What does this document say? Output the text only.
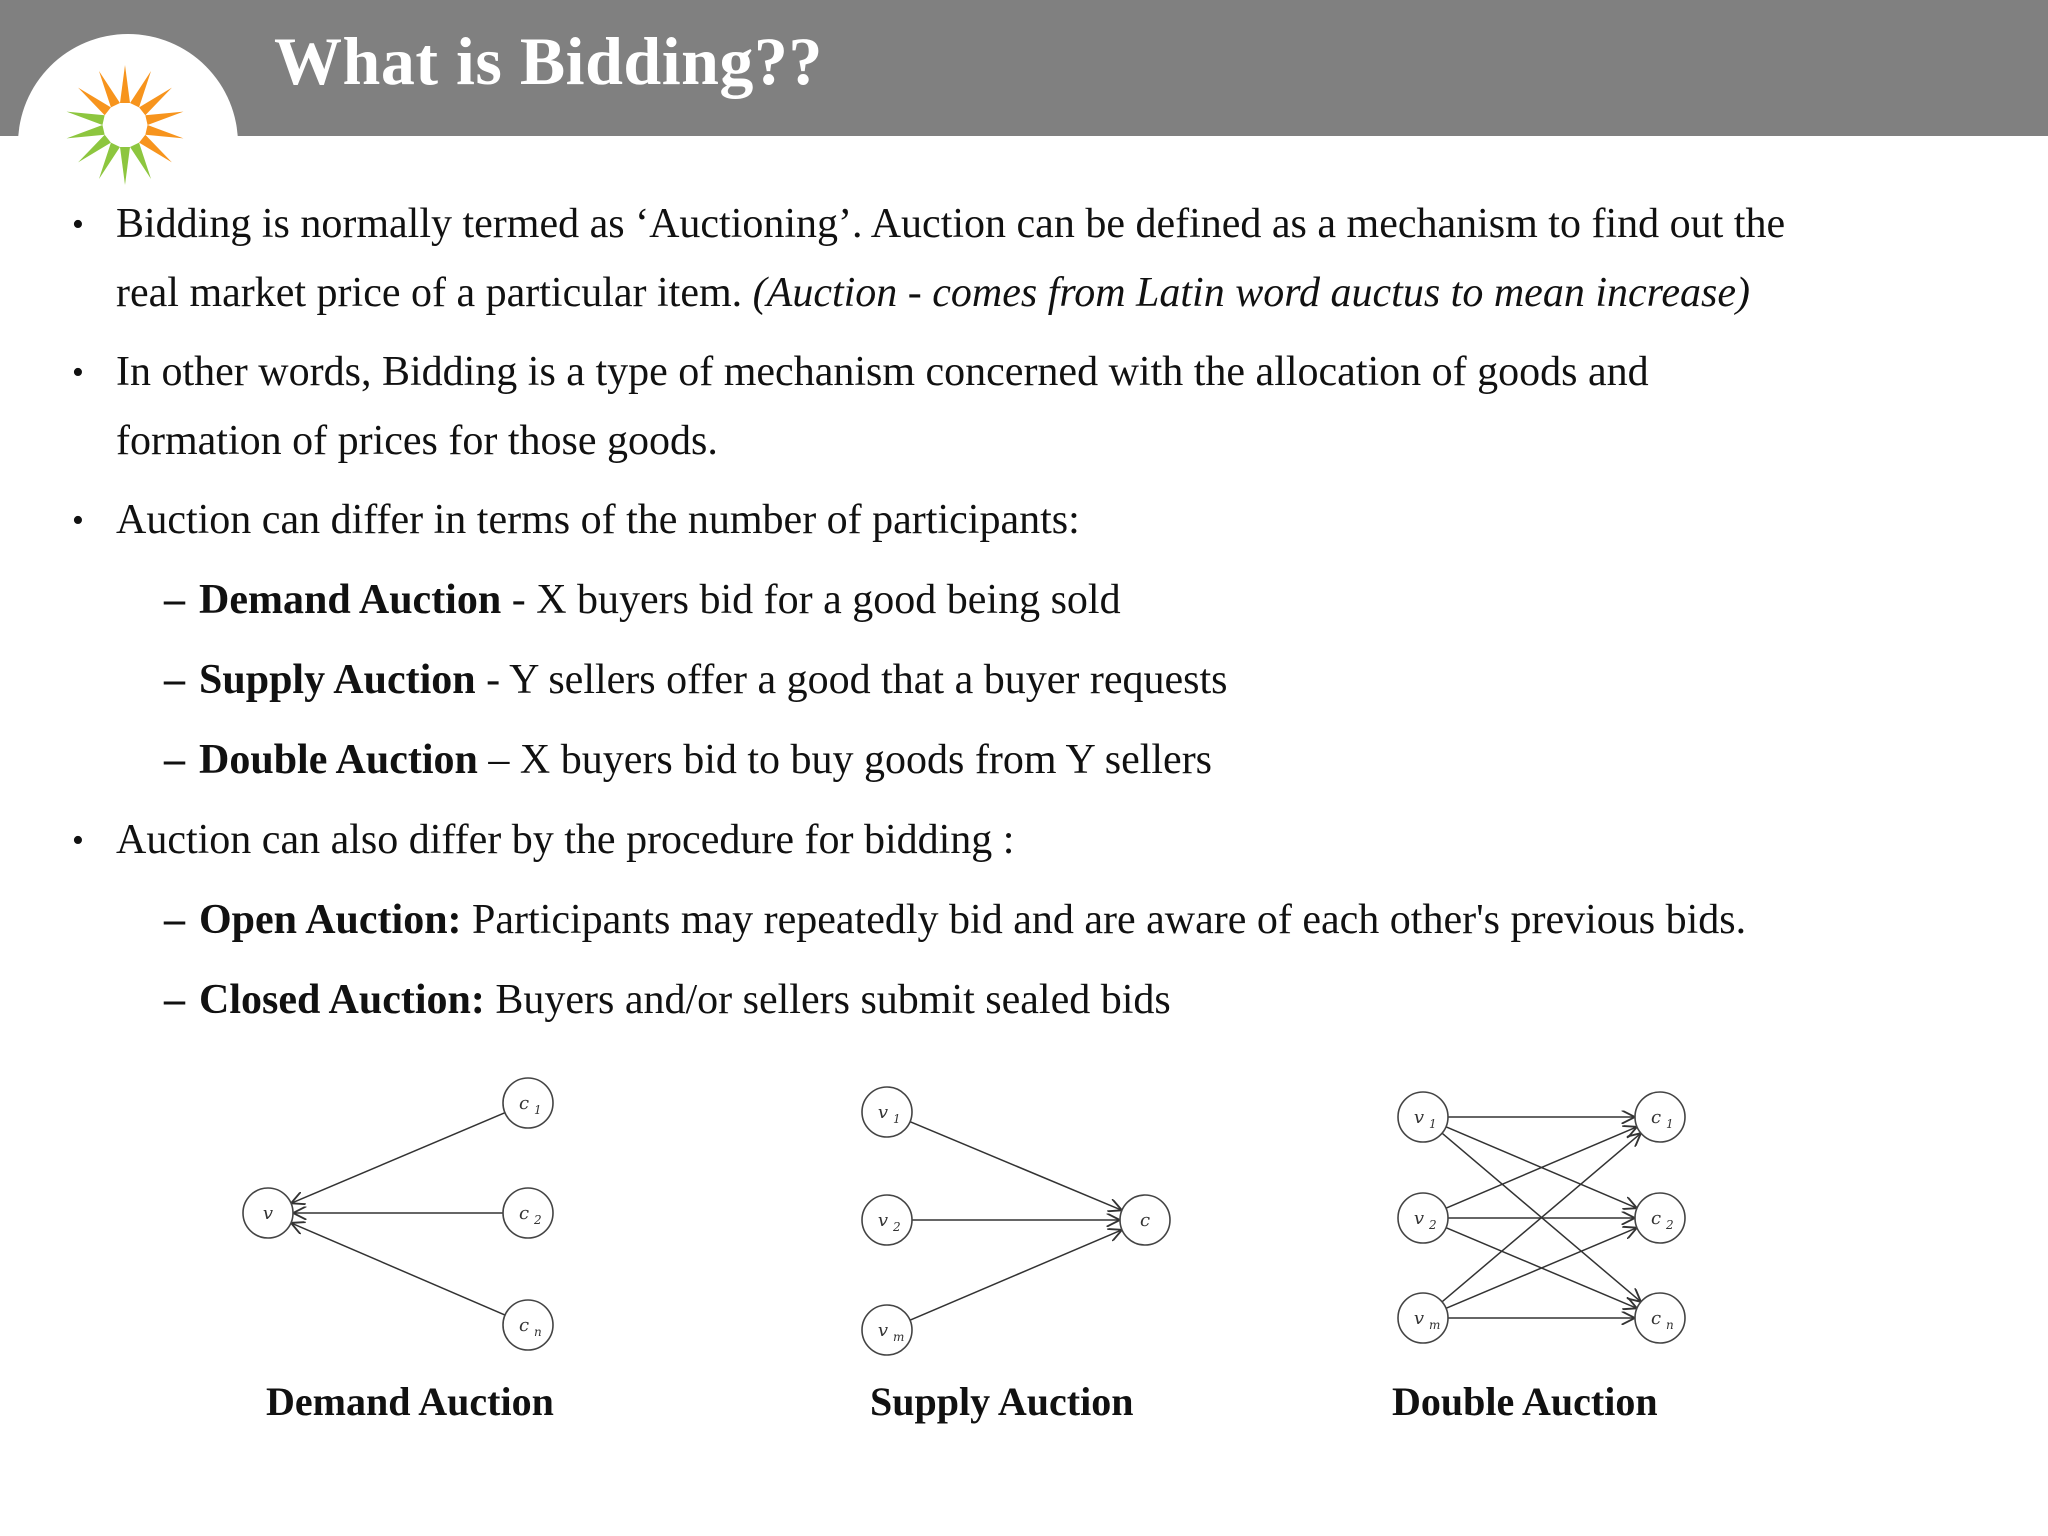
What is Bidding??
• Bidding is normally termed as ‘Auctioning’. Auction can be defined as a mechanism to find out the
real market price of a particular item. (Auction - comes from Latin word auctus to mean increase)
• In other words, Bidding is a type of mechanism concerned with the allocation of goods and
formation of prices for those goods.
• Auction can differ in terms of the number of participants:
– Demand Auction - X buyers bid for a good being sold
– Supply Auction - Y sellers offer a good that a buyer requests
– Double Auction – X buyers bid to buy goods from Y sellers
• Auction can also differ by the procedure for bidding :
– Open Auction: Participants may repeatedly bid and are aware of each other's previous bids.
– Closed Auction: Buyers and/or sellers submit sealed bids
v
c 1
c 2
c n
c
v 1
v 2
v m
v 1
v 2
v m
c 1
c 2
c n
Demand Auction	Supply Auction	Double Auction
